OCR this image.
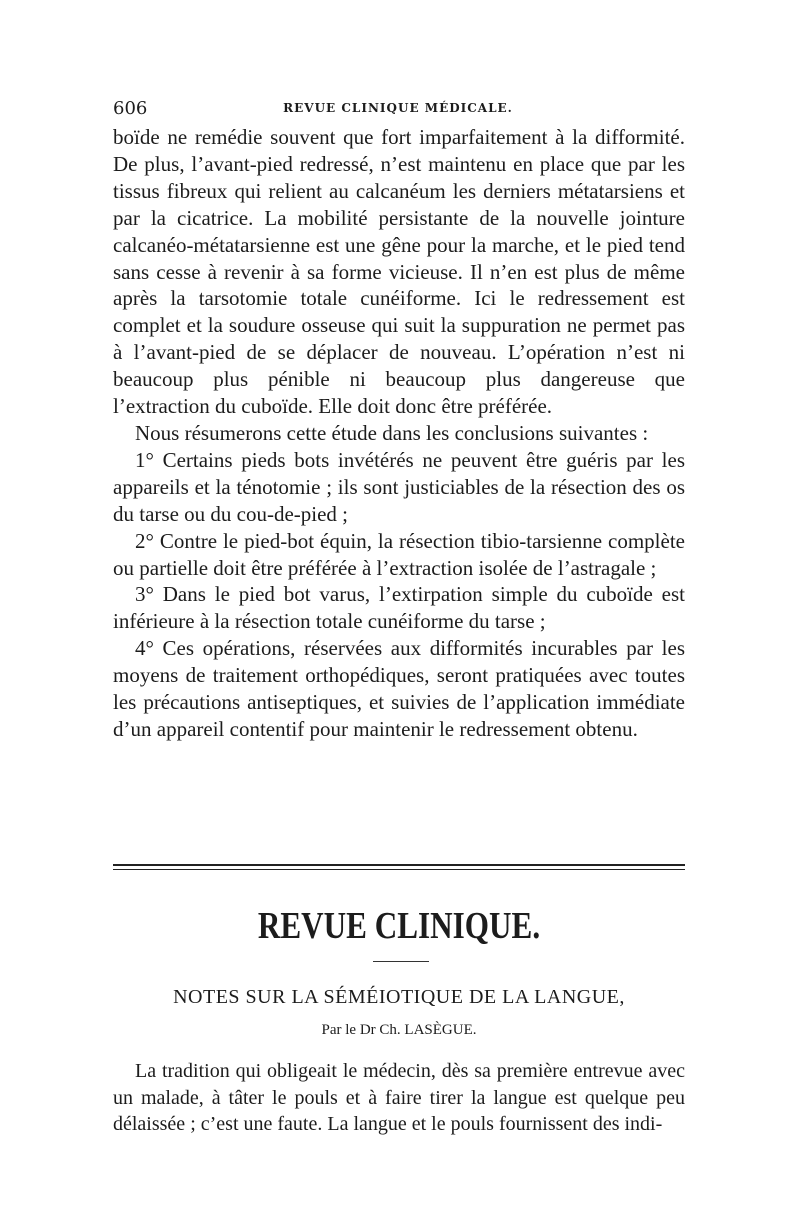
606	REVUE CLINIQUE MÉDICALE.

boïde ne remédie souvent que fort imparfaitement à la difformité. De plus, l’avant-pied redressé, n’est maintenu en place que par les tissus fibreux qui relient au calcanéum les derniers métatarsiens et par la cicatrice. La mobilité persistante de la nouvelle jointure calcanéo-métatarsienne est une gêne pour la marche, et le pied tend sans cesse à revenir à sa forme vicieuse. Il n’en est plus de même après la tarsotomie totale cunéiforme. Ici le redressement est complet et la soudure osseuse qui suit la suppuration ne permet pas à l’avant-pied de se déplacer de nouveau. L’opération n’est ni beaucoup plus pénible ni beaucoup plus dangereuse que l’extraction du cuboïde. Elle doit donc être préférée.

Nous résumerons cette étude dans les conclusions suivantes :

1° Certains pieds bots invétérés ne peuvent être guéris par les appareils et la ténotomie ; ils sont justiciables de la résection des os du tarse ou du cou-de-pied ;

2° Contre le pied-bot équin, la résection tibio-tarsienne complète ou partielle doit être préférée à l’extraction isolée de l’astragale ;

3° Dans le pied bot varus, l’extirpation simple du cuboïde est inférieure à la résection totale cunéiforme du tarse ;

4° Ces opérations, réservées aux difformités incurables par les moyens de traitement orthopédiques, seront pratiquées avec toutes les précautions antiseptiques, et suivies de l’application immédiate d’un appareil contentif pour maintenir le redressement obtenu.

REVUE CLINIQUE.
NOTES SUR LA SÉMÉIOTIQUE DE LA LANGUE,
Par le Dr Ch. LASÈGUE.

La tradition qui obligeait le médecin, dès sa première entrevue avec un malade, à tâter le pouls et à faire tirer la langue est quelque peu délaissée ; c’est une faute. La langue et le pouls fournissent des indi-
